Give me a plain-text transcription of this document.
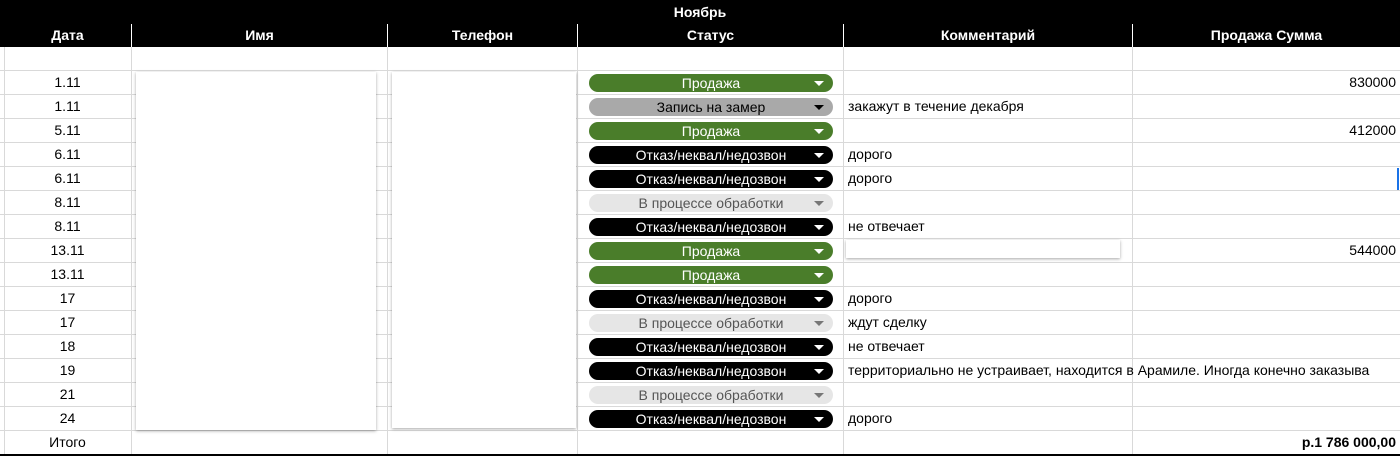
Ноябрь
Дата	Имя	Телефон	Статус	Комментарий	Продажа Сумма
1.11	Продажа	830000
1.11	Запись на замер	закажут в течение декабря
5.11	Продажа	412000
6.11	Отказ/неквал/недозвон	дорого
6.11	Отказ/неквал/недозвон	дорого
8.11	В процессе обработки
8.11	Отказ/неквал/недозвон	не отвечает
13.11	Продажа	544000
13.11	Продажа
17	Отказ/неквал/недозвон	дорого
17	В процессе обработки	ждут сделку
18	Отказ/неквал/недозвон	не отвечает
19	Отказ/неквал/недозвон	территориально не устраивает, находится в Арамиле. Иногда конечно заказыва
21	В процессе обработки
24	Отказ/неквал/недозвон	дорого
Итого	р.1 786 000,00
